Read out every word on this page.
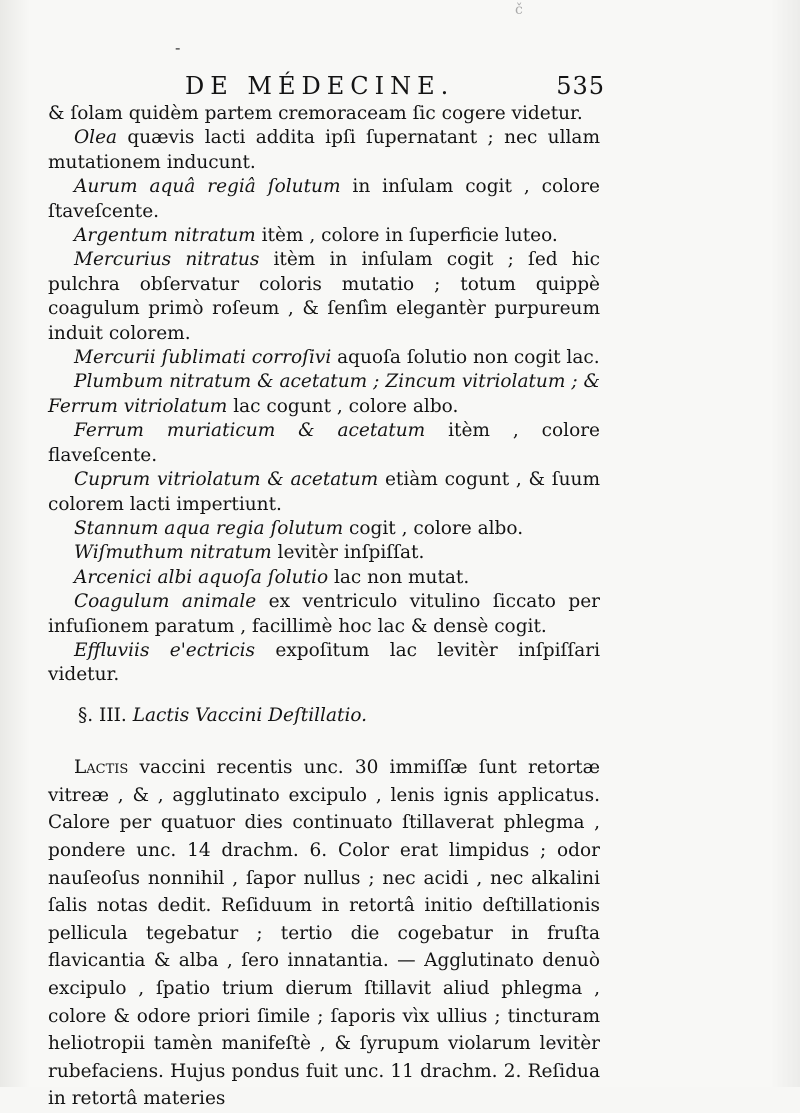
-
č
DE MÉDECINE.	535

& ſolam quidèm partem cremoraceam ſic cogere videtur.

Olea quævis lacti addita ipſi ſupernatant ; nec ullam mutationem inducunt.

Aurum aquâ regiâ ſolutum in inſulam cogit , colore ſtaveſcente.

Argentum nitratum itèm , colore in ſuperficie luteo.

Mercurius nitratus itèm in inſulam cogit ; ſed hic pulchra obſervatur coloris mutatio ; totum quippè coagulum primò roſeum , & ſenſìm elegantèr purpureum induit colorem.

Mercurii ſublimati corroſivi aquoſa ſolutio non cogit lac.

Plumbum nitratum & acetatum ; Zincum vitriolatum ; & Ferrum vitriolatum lac cogunt , colore albo.

Ferrum muriaticum & acetatum itèm , colore flaveſcente.

Cuprum vitriolatum & acetatum etiàm cogunt , & ſuum colorem lacti impertiunt.

Stannum aqua regia ſolutum cogit , colore albo.

Wiſmuthum nitratum levitèr inſpiſſat.

Arcenici albi aquoſa ſolutio lac non mutat.

Coagulum animale ex ventriculo vitulino ſiccato per infuſionem paratum , facillimè hoc lac & densè cogit.

Effluviis e'ectricis expoſitum lac levitèr inſpiſſari videtur.

§. III. Lactis Vaccini Deſtillatio.

Lactis vaccini recentis unc. 30 immiſſæ ſunt retortæ vitreæ , & , agglutinato excipulo , lenis ignis applicatus. Calore per quatuor dies continuato ſtillaverat phlegma , pondere unc. 14 drachm. 6. Color erat limpidus ; odor nauſeoſus nonnihil , ſapor nullus ; nec acidi , nec alkalini ſalis notas dedit. Reſiduum in retortâ initio deſtillationis pellicula tegebatur ; tertio die cogebatur in fruſta flavicantia & alba , ſero innatantia. — Agglutinato denuò excipulo , ſpatio trium dierum ſtillavit aliud phlegma , colore & odore priori ſimile ; ſaporis vìx ullius ; tincturam heliotropii tamèn manifeſtè , & ſyrupum violarum levitèr rubefaciens. Hujus pondus fuit unc. 11 drachm. 2. Reſidua in retortâ materies
